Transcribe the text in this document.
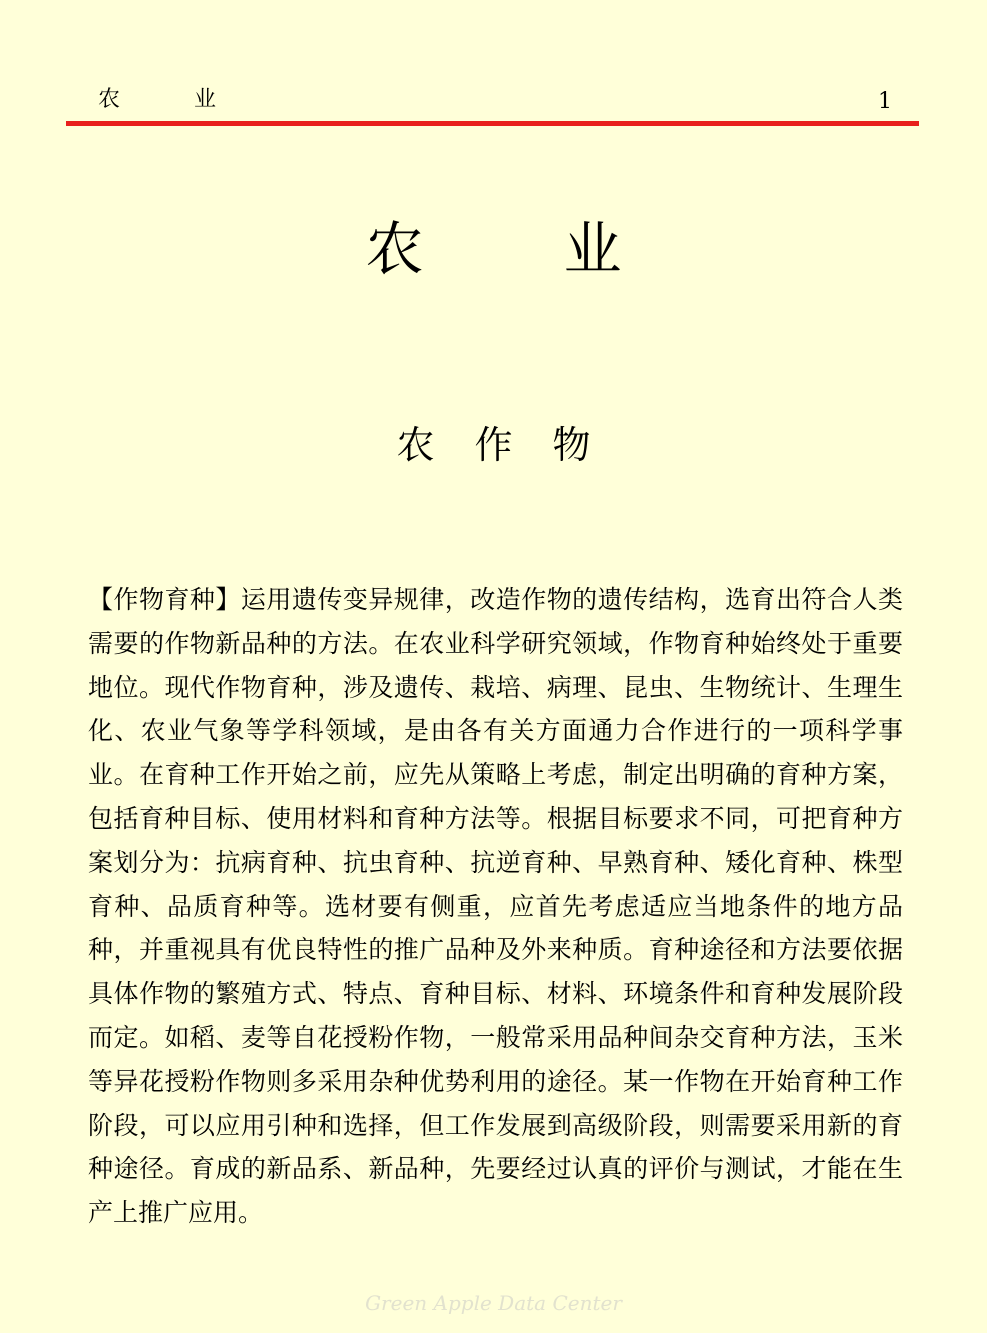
农业	1
农业
农作物
【 作物育种 】 运用遗传变异规律，改造作物的遗传结构，选育出符合人类需要的作物新品种的方法。在农业科学研究领域，作物育种始终处于重要地位。现代作物育种，涉及遗传、栽培、病理、昆虫、生物统计、生理生化、农业气象等学科领域，是由各有关方面通力合作进行的一项科学事业。在育种工作开始之前，应先从策略上考虑，制定出明确的育种方案，包括育种目标、使用材料和育种方法等。根据目标要求不同，可把育种方案划分为：抗病育种、抗虫育种、抗逆育种、早熟育种、矮化育种、株型育种、品质育种等。选材要有侧重，应首先考虑适应当地条件的地方品种，并重视具有优良特性的推广品种及外来种质。育种途径和方法要依据具体作物的繁殖方式、特点、育种目标、材料、环境条件和育种发展阶段而定。如稻、麦等自花授粉作物，一般常采用品种间杂交育种方法，玉米等异花授粉作物则多采用杂种优势利用的途径。某一作物在开始育种工作阶段，可以应用引种和选择，但工作发展到高级阶段，则需要采用新的育种途径。育成的新品系、新品种，先要经过认真的评价与测试，才能在生产上推广应用。
Green Apple Data Center
